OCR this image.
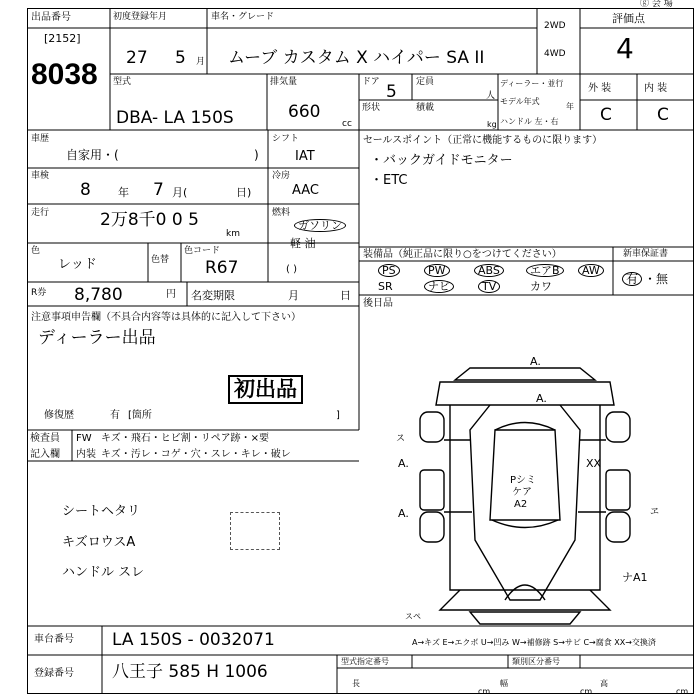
出品番号
[2152]
8038
初度登録年月
27 5 月
車名・グレード
ムーブ カスタム X ハイパー SA II
2WD
4WD
評価点
ⓖ 会 場
4
型式
DBA- LA 150S
排気量
660
cc
ドア 5 定員
人
形状	積載
kg
ディーラー・並行
モデル年式
年
ハンドル 左・右
外 装	内 装
C	C
車歴
自家用・(	)
シフト
IAT
車検
8 年 7 月(	日)
冷房
AAC
走行	2万8千0 0 5
km
燃料
ガソリン
軽 油
( )
色
レッド	色替
色コード
R67
R券 8,780	円 名変期限	月	日
セールスポイント（正常に機能するものに限ります）
・バックガイドモニター
・ETC
装備品（純正品に限り○をつけてください）	新車保証書
PS	PW	ABS	エアB	AW
SR	ナビ	TV	カワ
有 ・無
後日品
注意事項申告欄（不具合内容等は具体的に記入して下さい）
ディーラー出品
初出品
修復歴	有 [箇所	]
検査員
記入欄
FW キズ・飛石・ヒビ割・リペア跡・×要
内装 キズ・汚レ・コゲ・穴・スレ・キレ・破レ
シートヘタリ
キズロウスA
ハンドル スレ
A.
A.
A.
A.
XX
Pシミ
ケア
A2
ナA1
ス
ヱ
スペ
A→キズ E→エクボ U→凹み W→補修跡 S→サビ C→腐食 XX→交換済
車台番号 LA 150S - 0032071
登録番号 八王子 585 H 1006
型式指定番号	類別区分番号
長
cm
幅
cm
高
cm
